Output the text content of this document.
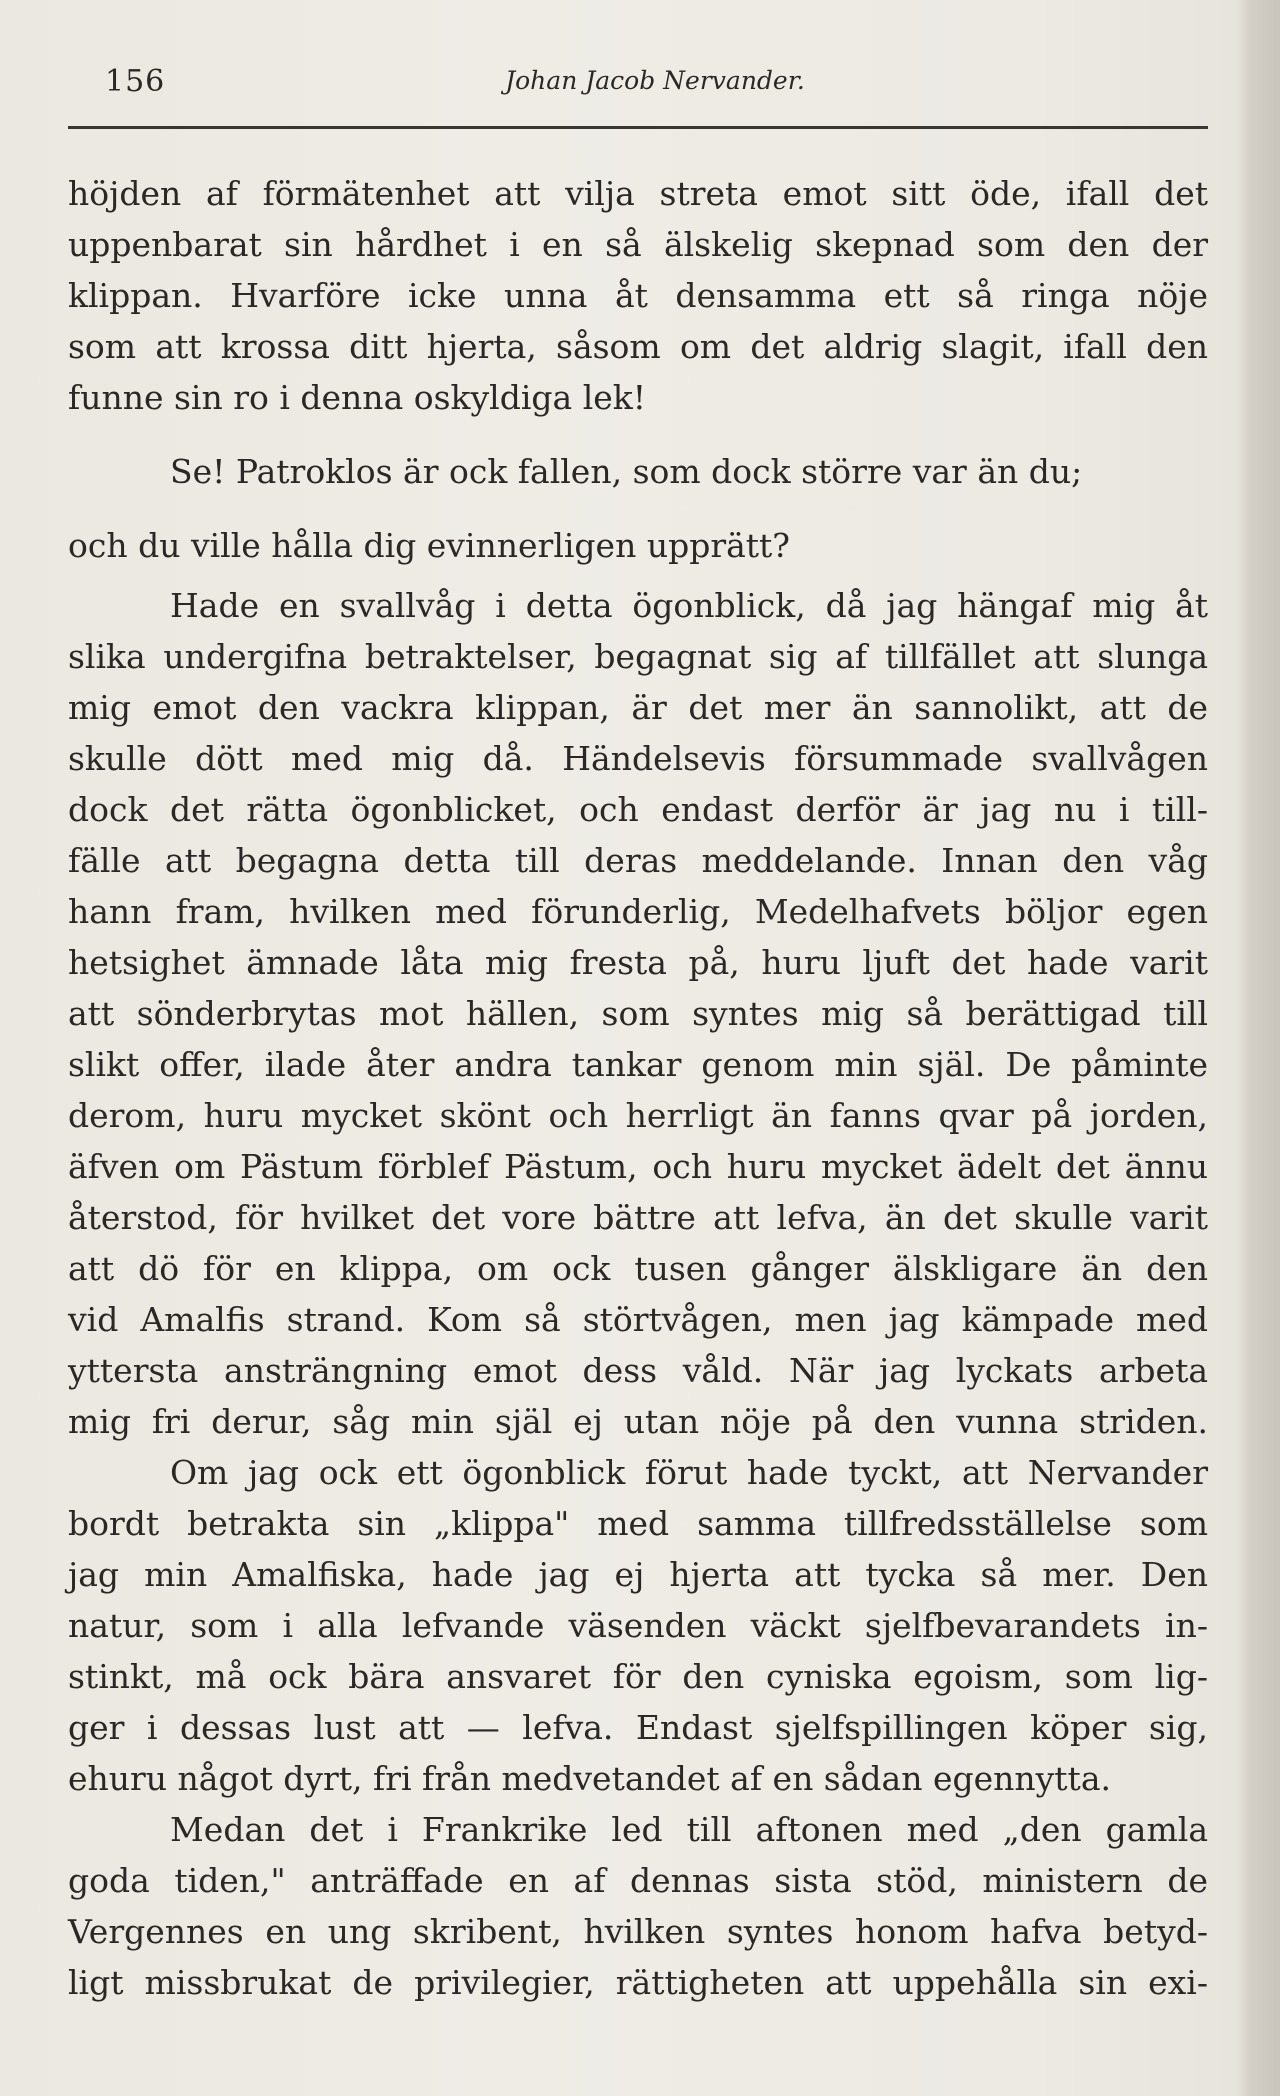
156	Johan Jacob Nervander.
höjden af förmätenhet att vilja streta emot sitt öde, ifall det
uppenbarat sin hårdhet i en så älskelig skepnad som den der
klippan. Hvarföre icke unna åt densamma ett så ringa nöje
som att krossa ditt hjerta, såsom om det aldrig slagit, ifall den
funne sin ro i denna oskyldiga lek!
Se! Patroklos är ock fallen, som dock större var än du;
och du ville hålla dig evinnerligen upprätt?
Hade en svallvåg i detta ögonblick, då jag hängaf mig åt
slika undergifna betraktelser, begagnat sig af tillfället att slunga
mig emot den vackra klippan, är det mer än sannolikt, att de
skulle dött med mig då. Händelsevis försummade svallvågen
dock det rätta ögonblicket, och endast derför är jag nu i till-
fälle att begagna detta till deras meddelande. Innan den våg
hann fram, hvilken med förunderlig, Medelhafvets böljor egen
hetsighet ämnade låta mig fresta på, huru ljuft det hade varit
att sönderbrytas mot hällen, som syntes mig så berättigad till
slikt offer, ilade åter andra tankar genom min själ. De påminte
derom, huru mycket skönt och herrligt än fanns qvar på jorden,
äfven om Pästum förblef Pästum, och huru mycket ädelt det ännu
återstod, för hvilket det vore bättre att lefva, än det skulle varit
att dö för en klippa, om ock tusen gånger älskligare än den
vid Amalfis strand. Kom så störtvågen, men jag kämpade med
yttersta ansträngning emot dess våld. När jag lyckats arbeta
mig fri derur, såg min själ ej utan nöje på den vunna striden.
Om jag ock ett ögonblick förut hade tyckt, att Nervander
bordt betrakta sin „klippa" med samma tillfredsställelse som
jag min Amalfiska, hade jag ej hjerta att tycka så mer. Den
natur, som i alla lefvande väsenden väckt sjelfbevarandets in-
stinkt, må ock bära ansvaret för den cyniska egoism, som lig-
ger i dessas lust att — lefva. Endast sjelfspillingen köper sig,
ehuru något dyrt, fri från medvetandet af en sådan egennytta.
Medan det i Frankrike led till aftonen med „den gamla
goda tiden," anträffade en af dennas sista stöd, ministern de
Vergennes en ung skribent, hvilken syntes honom hafva betyd-
ligt missbrukat de privilegier, rättigheten att uppehålla sin exi-
